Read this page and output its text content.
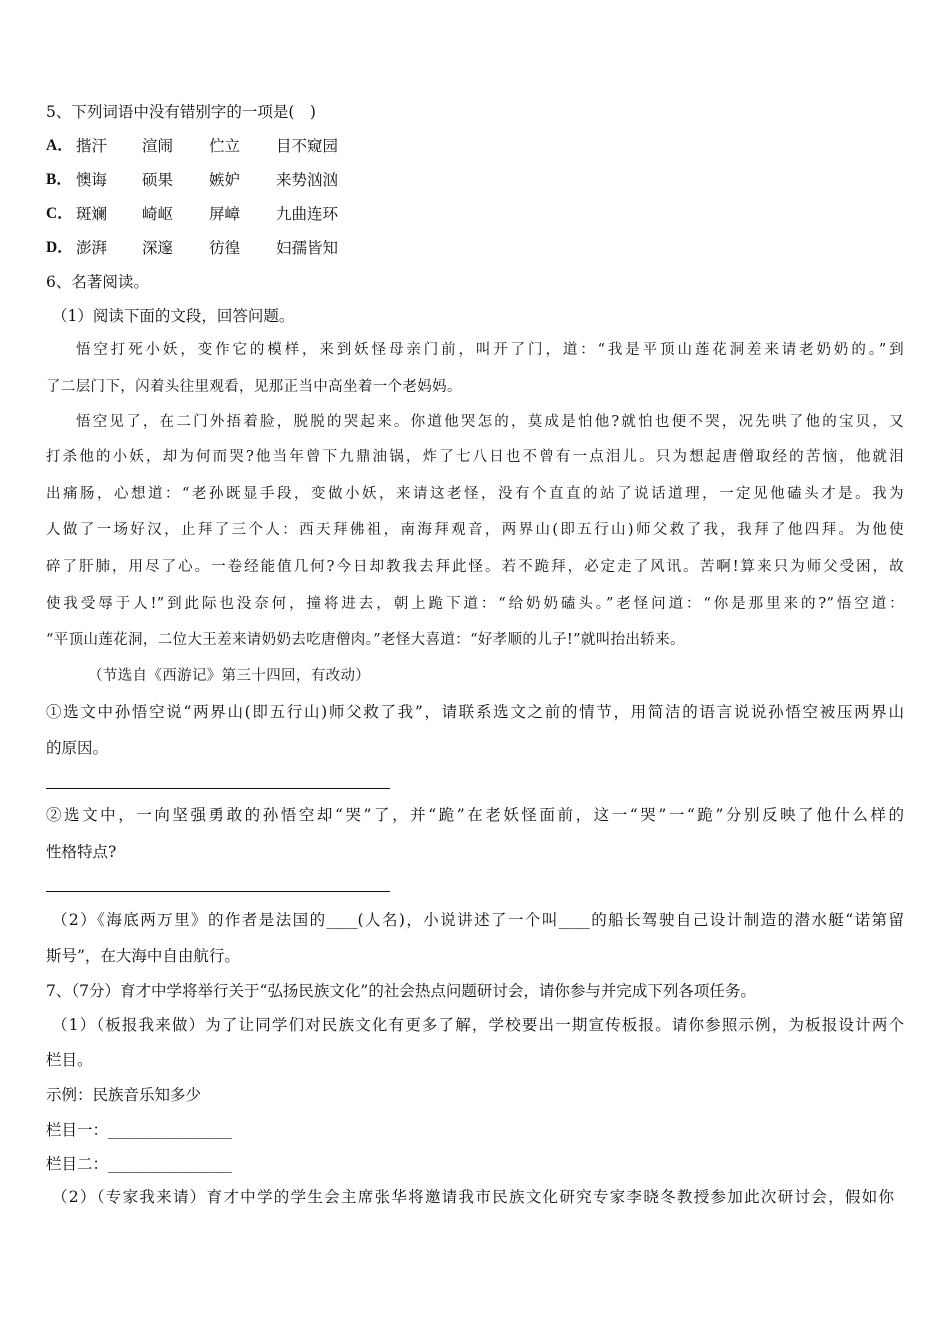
5、下列词语中没有错别字的一项是(　)
A． 揩汗 渲闹 伫立 目不窥园
B． 懊诲 硕果 嫉妒 来势汹汹
C． 斑斓 崎岖 屏嶂 九曲连环
D． 澎湃 深邃 彷徨 妇孺皆知
6、名著阅读。
（1）阅读下面的文段，回答问题。
悟空打死小妖，变作它的模样，来到妖怪母亲门前，叫开了门，道：“我是平顶山莲花洞差来请老奶奶的。”到
了二层门下，闪着头往里观看，见那正当中高坐着一个老妈妈。
悟空见了，在二门外捂着脸，脱脱的哭起来。你道他哭怎的，莫成是怕他?就怕也便不哭，况先哄了他的宝贝，又
打杀他的小妖，却为何而哭?他当年曾下九鼎油锅，炸了七八日也不曾有一点泪儿。只为想起唐僧取经的苦恼，他就泪
出痛肠，心想道：“老孙既显手段，变做小妖，来请这老怪，没有个直直的站了说话道理，一定见他磕头才是。我为
人做了一场好汉，止拜了三个人：西天拜佛祖，南海拜观音，两界山(即五行山)师父救了我，我拜了他四拜。为他使
碎了肝肺，用尽了心。一卷经能值几何?今日却教我去拜此怪。若不跪拜，必定走了风讯。苦啊!算来只为师父受困，故
使我受辱于人!”到此际也没奈何，撞将进去，朝上跪下道：“给奶奶磕头。”老怪问道：“你是那里来的?”悟空道：
“平顶山莲花洞，二位大王差来请奶奶去吃唐僧肉。”老怪大喜道：“好孝顺的儿子!”就叫抬出轿来。
（节选自《西游记》第三十四回，有改动）
①选文中孙悟空说“两界山(即五行山)师父救了我”，请联系选文之前的情节，用简洁的语言说说孙悟空被压两界山
的原因。
②选文中，一向坚强勇敢的孙悟空却“哭”了，并“跪”在老妖怪面前，这一“哭”一“跪”分别反映了他什么样的
性格特点?
（2）《海底两万里》的作者是法国的____(人名)，小说讲述了一个叫____的船长驾驶自己设计制造的潜水艇“诺第留
斯号”，在大海中自由航行。
7、（7分）育才中学将举行关于“弘扬民族文化”的社会热点问题研讨会，请你参与并完成下列各项任务。
（1）（板报我来做）为了让同学们对民族文化有更多了解，学校要出一期宣传板报。请你参照示例，为板报设计两个
栏目。
示例：民族音乐知多少
栏目一：________________
栏目二：________________
（2）（专家我来请）育才中学的学生会主席张华将邀请我市民族文化研究专家李晓冬教授参加此次研讨会，假如你
